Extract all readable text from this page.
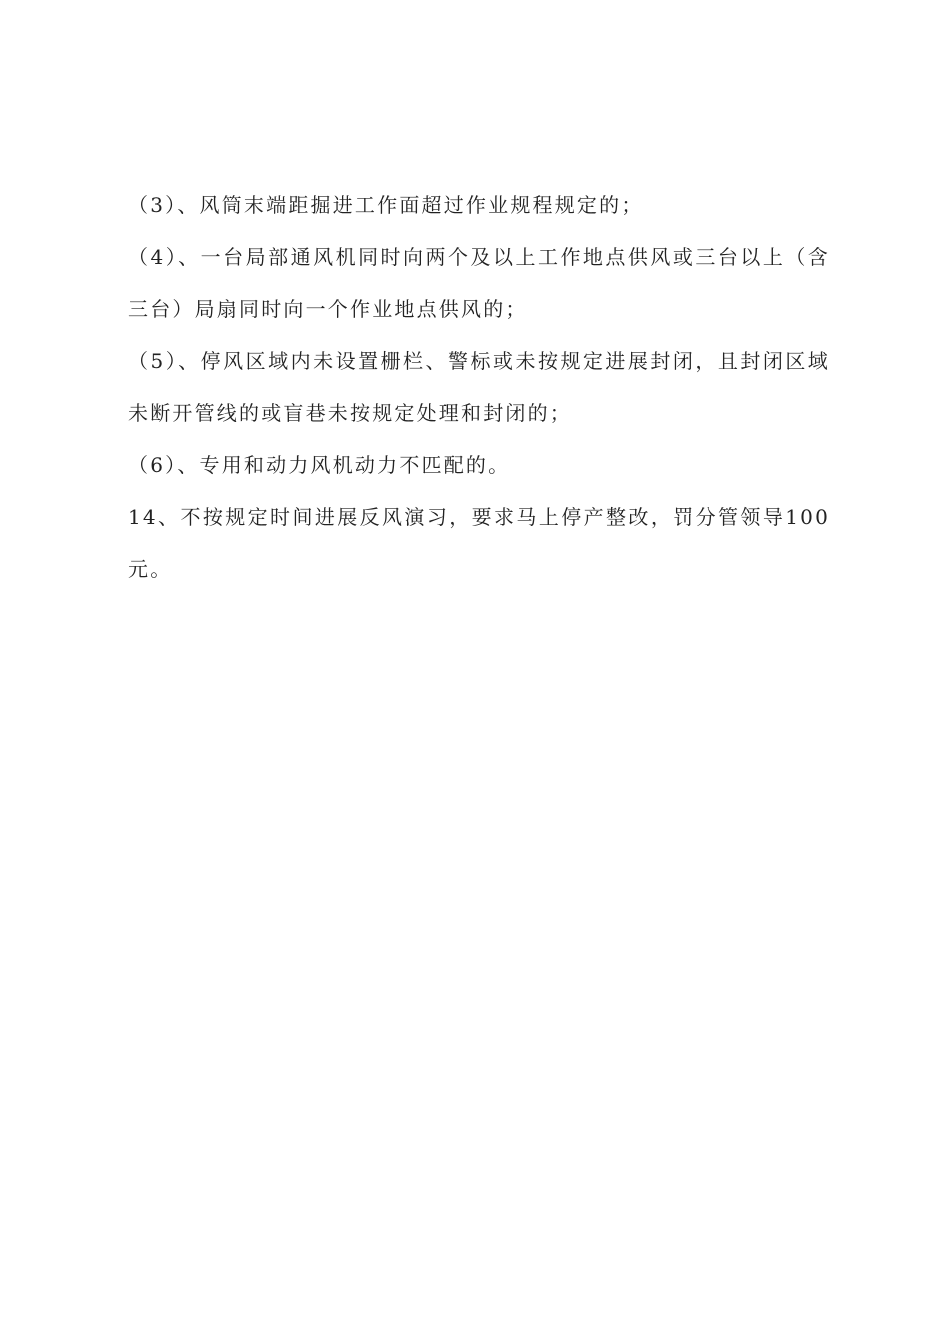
（3）、风筒末端距掘进工作面超过作业规程规定的；

（4）、一台局部通风机同时向两个及以上工作地点供风或三台以上（含三台）局扇同时向一个作业地点供风的；

（5）、停风区域内未设置栅栏、警标或未按规定进展封闭，且封闭区域未断开管线的或盲巷未按规定处理和封闭的；

（6）、专用和动力风机动力不匹配的。

14、不按规定时间进展反风演习，要求马上停产整改，罚分管领导100元。
